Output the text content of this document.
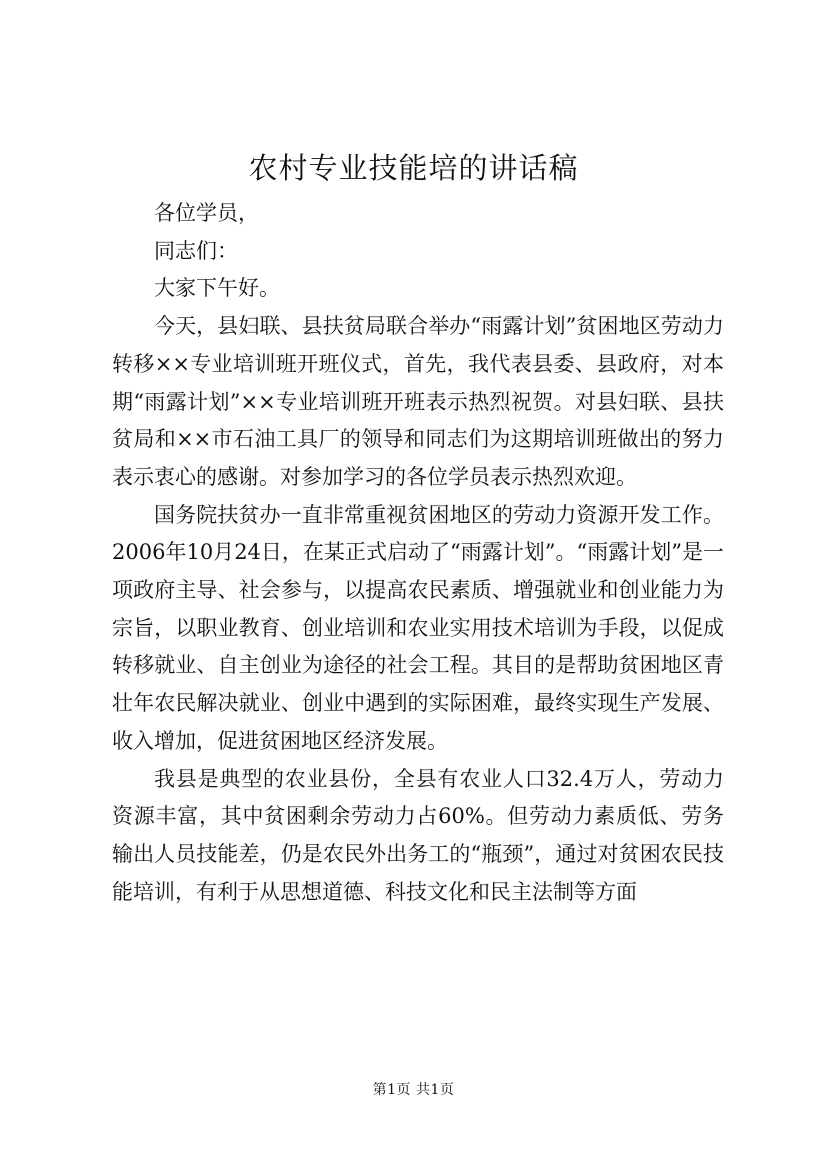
农村专业技能培的讲话稿

各位学员，

同志们：

大家下午好。

今天，县妇联、县扶贫局联合举办“雨露计划”贫困地区劳动力转移××专业培训班开班仪式，首先，我代表县委、县政府，对本期“雨露计划”××专业培训班开班表示热烈祝贺。对县妇联、县扶贫局和××市石油工具厂的领导和同志们为这期培训班做出的努力表示衷心的感谢。对参加学习的各位学员表示热烈欢迎。

国务院扶贫办一直非常重视贫困地区的劳动力资源开发工作。2006年10月24日，在某正式启动了“雨露计划”。“雨露计划”是一项政府主导、社会参与，以提高农民素质、增强就业和创业能力为宗旨，以职业教育、创业培训和农业实用技术培训为手段，以促成转移就业、自主创业为途径的社会工程。其目的是帮助贫困地区青壮年农民解决就业、创业中遇到的实际困难，最终实现生产发展、收入增加，促进贫困地区经济发展。

我县是典型的农业县份，全县有农业人口32.4万人，劳动力资源丰富，其中贫困剩余劳动力占60%。但劳动力素质低、劳务输出人员技能差，仍是农民外出务工的“瓶颈”，通过对贫困农民技能培训，有利于从思想道德、科技文化和民主法制等方面

第1页 共1页
